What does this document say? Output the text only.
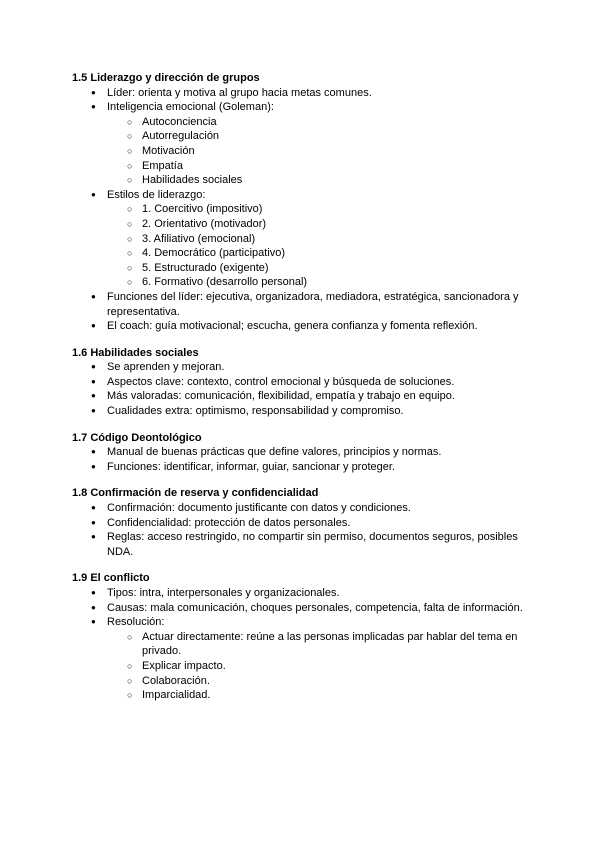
1.5 Liderazgo y dirección de grupos

●	Líder: orienta y motiva al grupo hacia metas comunes.
●	Inteligencia emocional (Goleman):
○ Autoconciencia
○ Autorregulación
○ Motivación
○ Empatía
○ Habilidades sociales
●	Estilos de liderazgo:
○ 1. Coercitivo (impositivo)
○ 2. Orientativo (motivador)
○ 3. Afiliativo (emocional)
○ 4. Democrático (participativo)
○ 5. Estructurado (exigente)
○ 6. Formativo (desarrollo personal)
●	Funciones del líder: ejecutiva, organizadora, mediadora, estratégica, sancionadora y representativa.
●	El coach: guía motivacional; escucha, genera confianza y fomenta reflexión.

1.6 Habilidades sociales

●	Se aprenden y mejoran.
●	Aspectos clave: contexto, control emocional y búsqueda de soluciones.
●	Más valoradas: comunicación, flexibilidad, empatía y trabajo en equipo.
●	Cualidades extra: optimismo, responsabilidad y compromiso.

1.7 Código Deontológico

●	Manual de buenas prácticas que define valores, principios y normas.
●	Funciones: identificar, informar, guiar, sancionar y proteger.

1.8 Confirmación de reserva y confidencialidad

●	Confirmación: documento justificante con datos y condiciones.
●	Confidencialidad: protección de datos personales.
●	Reglas: acceso restringido, no compartir sin permiso, documentos seguros, posibles NDA.

1.9 El conflicto

●	Tipos: intra, interpersonales y organizacionales.
●	Causas: mala comunicación, choques personales, competencia, falta de información.
●	Resolución:
○ Actuar directamente: reúne a las personas implicadas par hablar del tema en privado.
○ Explicar impacto.
○ Colaboración.
○ Imparcialidad.
